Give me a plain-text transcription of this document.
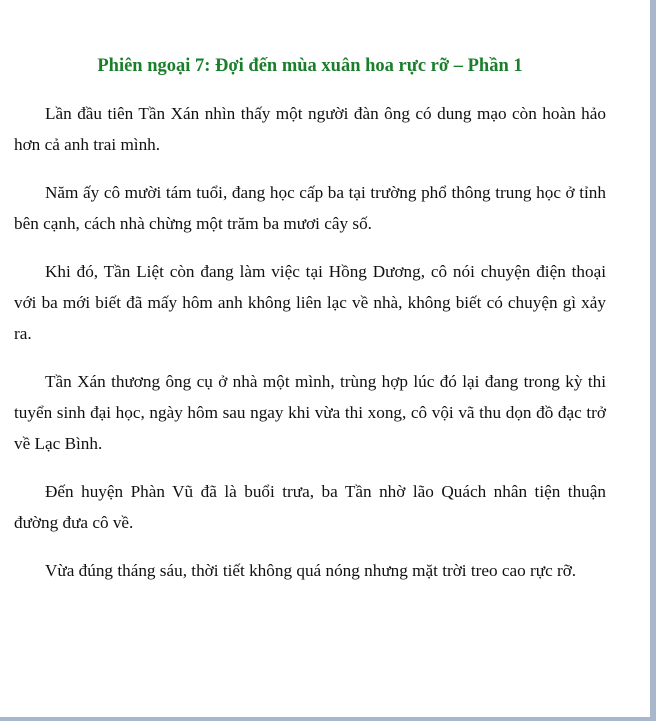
Phiên ngoại 7: Đợi đến mùa xuân hoa rực rỡ – Phần 1

Lần đầu tiên Tần Xán nhìn thấy một người đàn ông có dung mạo còn hoàn hảo hơn cả anh trai mình.

Năm ấy cô mười tám tuổi, đang học cấp ba tại trường phổ thông trung học ở tỉnh bên cạnh, cách nhà chừng một trăm ba mươi cây số.

Khi đó, Tần Liệt còn đang làm việc tại Hồng Dương, cô nói chuyện điện thoại với ba mới biết đã mấy hôm anh không liên lạc về nhà, không biết có chuyện gì xảy ra.

Tần Xán thương ông cụ ở nhà một mình, trùng hợp lúc đó lại đang trong kỳ thi tuyển sinh đại học, ngày hôm sau ngay khi vừa thi xong, cô vội vã thu dọn đồ đạc trở về Lạc Bình.

Đến huyện Phàn Vũ đã là buổi trưa, ba Tần nhờ lão Quách nhân tiện thuận đường đưa cô về.

Vừa đúng tháng sáu, thời tiết không quá nóng nhưng mặt trời treo cao rực rỡ.
